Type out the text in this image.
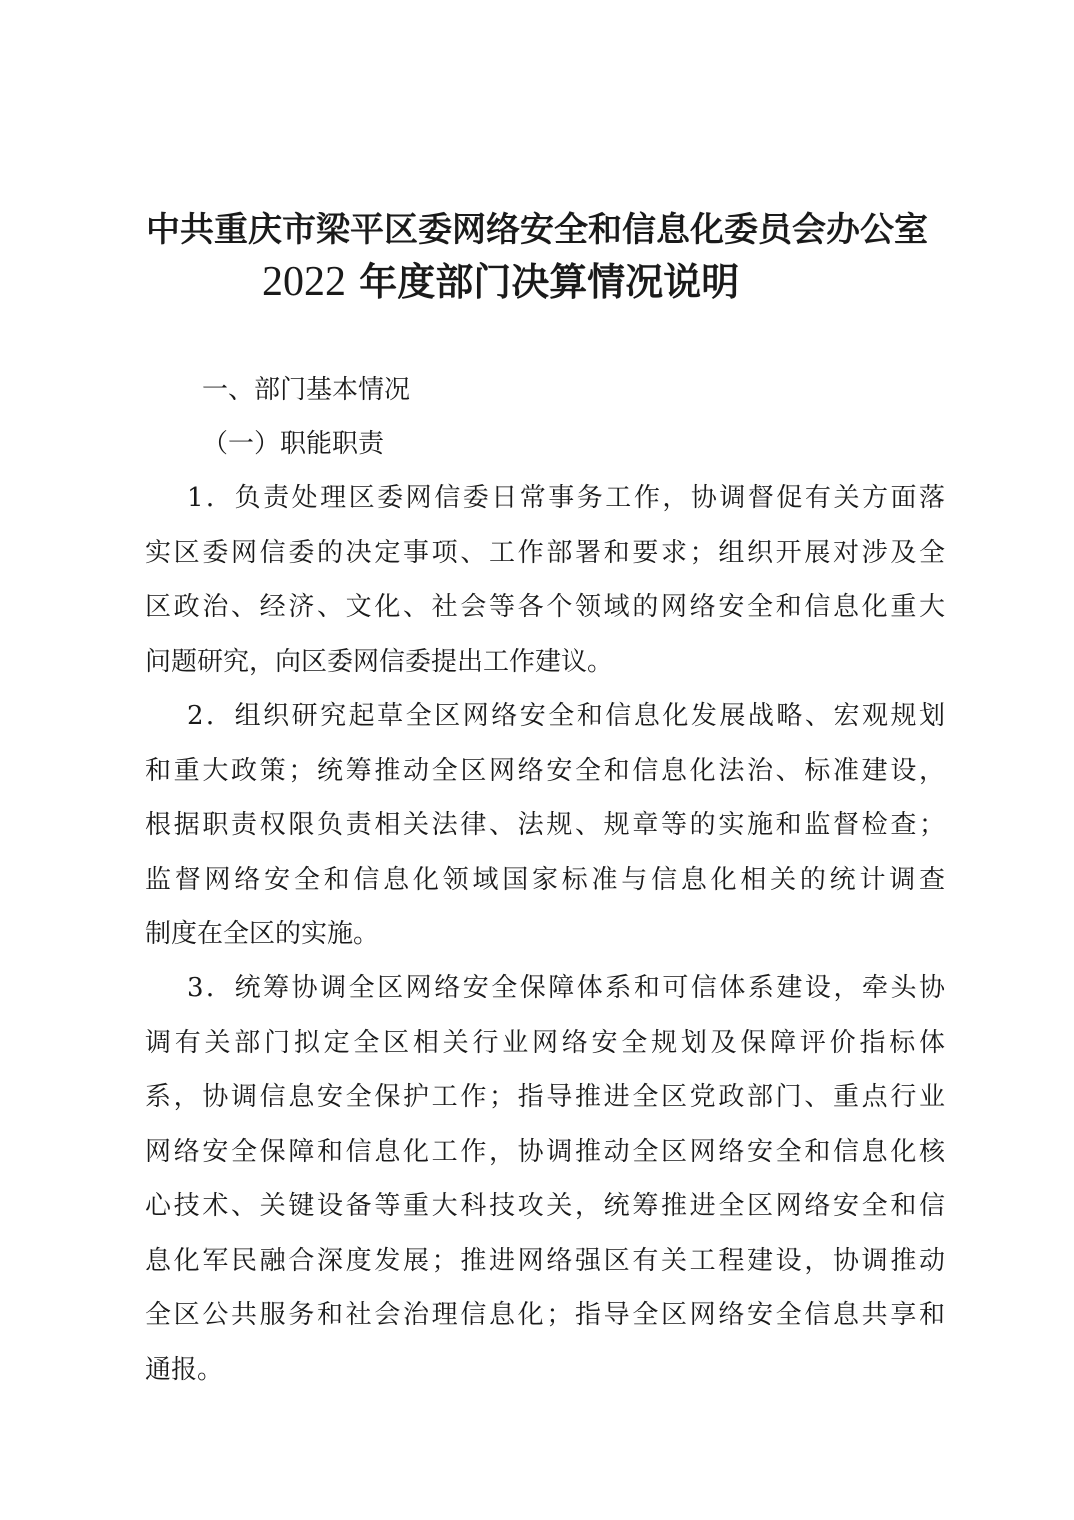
中共重庆市梁平区委网络安全和信息化委员会办公室
2022 年度部门决算情况说明
一、部门基本情况
（一）职能职责
1．负责处理区委网信委日常事务工作，协调督促有关方面落
实区委网信委的决定事项、工作部署和要求；组织开展对涉及全
区政治、经济、文化、社会等各个领域的网络安全和信息化重大
问题研究，向区委网信委提出工作建议。
2．组织研究起草全区网络安全和信息化发展战略、宏观规划
和重大政策；统筹推动全区网络安全和信息化法治、标准建设，
根据职责权限负责相关法律、法规、规章等的实施和监督检查；
监督网络安全和信息化领域国家标准与信息化相关的统计调查
制度在全区的实施。
3．统筹协调全区网络安全保障体系和可信体系建设，牵头协
调有关部门拟定全区相关行业网络安全规划及保障评价指标体
系，协调信息安全保护工作；指导推进全区党政部门、重点行业
网络安全保障和信息化工作，协调推动全区网络安全和信息化核
心技术、关键设备等重大科技攻关，统筹推进全区网络安全和信
息化军民融合深度发展；推进网络强区有关工程建设，协调推动
全区公共服务和社会治理信息化；指导全区网络安全信息共享和
通报。
